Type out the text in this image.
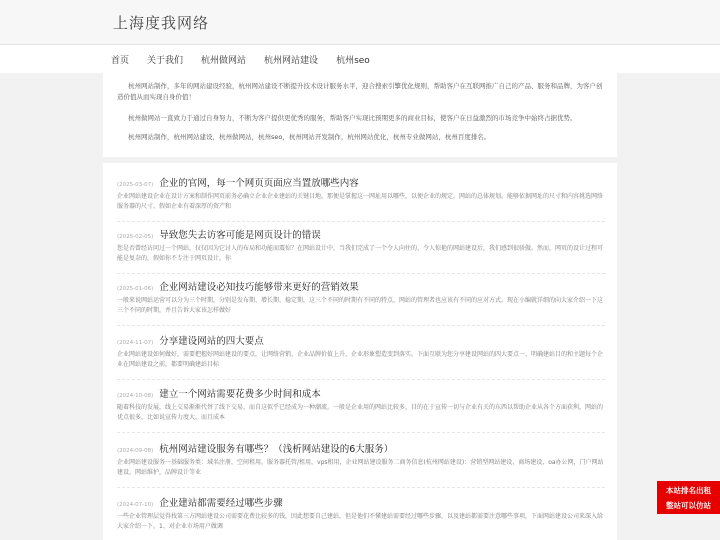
上海度我网络
首页 关于我们 杭州做网站 杭州网站建设 杭州seo

杭州网站制作，多年的网站建设经验，杭州网站建设不断提升技术设计服务水平，迎合搜索引擎优化规则，帮助客户在互联网推广自己的产品、服务和品牌，为客户创造价值从而实现自身价值！

杭州做网站一直致力于通过自身努力，不断为客户提供更优秀的服务，帮助客户实现比预期更多的商业目标，使客户在日益激烈的市场竞争中始终占据优势。

杭州网站制作，杭州网站建设，杭州做网站，杭州seo，杭州网站开发制作，杭州网站优化，杭州专业做网站，杭州百度排名。

(2025-03-07) 企业的官网，每一个网页页面应当置放哪些内容
企业网站建设企业在设计方案和制作网页前务必确立企业企业建站的关键目地。那便是掌握这一网址用以哪些，以便企业的规定，网站的总体规划。能够依据网址的尺寸和内容挑选网络服务器的尺寸。假如企业有着深厚的资产和
(2025-02-05) 导致您失去访客可能是网页设计的错误
您是否曾经访问过一个网站，仅仅因为它讨人的布局和功能而震惊？在网站设计中，当我们完成了一个令人向往的、令人惊艳的网站建设后，我们感到很骄傲。然而，网页的设计过程可能是复杂的，假如你不专注于网页设计，你
(2025-01-06) 企业网站建设必知技巧能够带来更好的营销效果
一般来说网站运营可以分为三个时期，分别是发布期、增长期、稳定期，这三个不同的时期有不同的特点，网站的管理者也应该有不同的应对方式。现在小编就详细的向大家介绍一下这三个不同的时期，并且告诉大家该怎样做好
(2024-11-07) 分享建设网站的四大要点
企业网站建设如何做好，需要把握好网站建设的要点，让网络营销、企业品牌价值上升、企业形象塑造变到落实。下面互联为您分享建设网站的四大要点一、明确建站目的和主题每个企业在网站建设之前，都要明确建站目标
(2024-10-08) 建立一个网站需要花费多少时间和成本
随着科技的发展，线上交易渐渐代替了线下交易，而自这似乎已经成为一种潮流。一般是企业用的网站比较多，目的在于宣传一切与企业有关的东西以帮助企业从各个方面获利，网站的优点很多，比如说宣传力度大，而且成本
(2024-09-08) 杭州网站建设服务有哪些？（浅析网站建设的6大服务）
企业网站建设服务一基础服务类：域名注册，空间租用，服务器托管/租用，vps租用，企业网站建设服务二商务信息(杭州网站建设)：营销型网站建设，商场建设，oa办公网，门户网站建设，网站维护，品牌设计等业
(2024-07-10) 企业建站都需要经过哪些步骤
一些企业管理层觉得找第三方网站建设公司需要花费比较多的钱，因此想要自己建站，但是他们不懂建站需要经过哪些步骤，以及建站都需要注意哪些事项，下面网站建设公司来深入给大家介绍一下。1、对企业市场用户做调
本站排名出租
整站可以仿站
